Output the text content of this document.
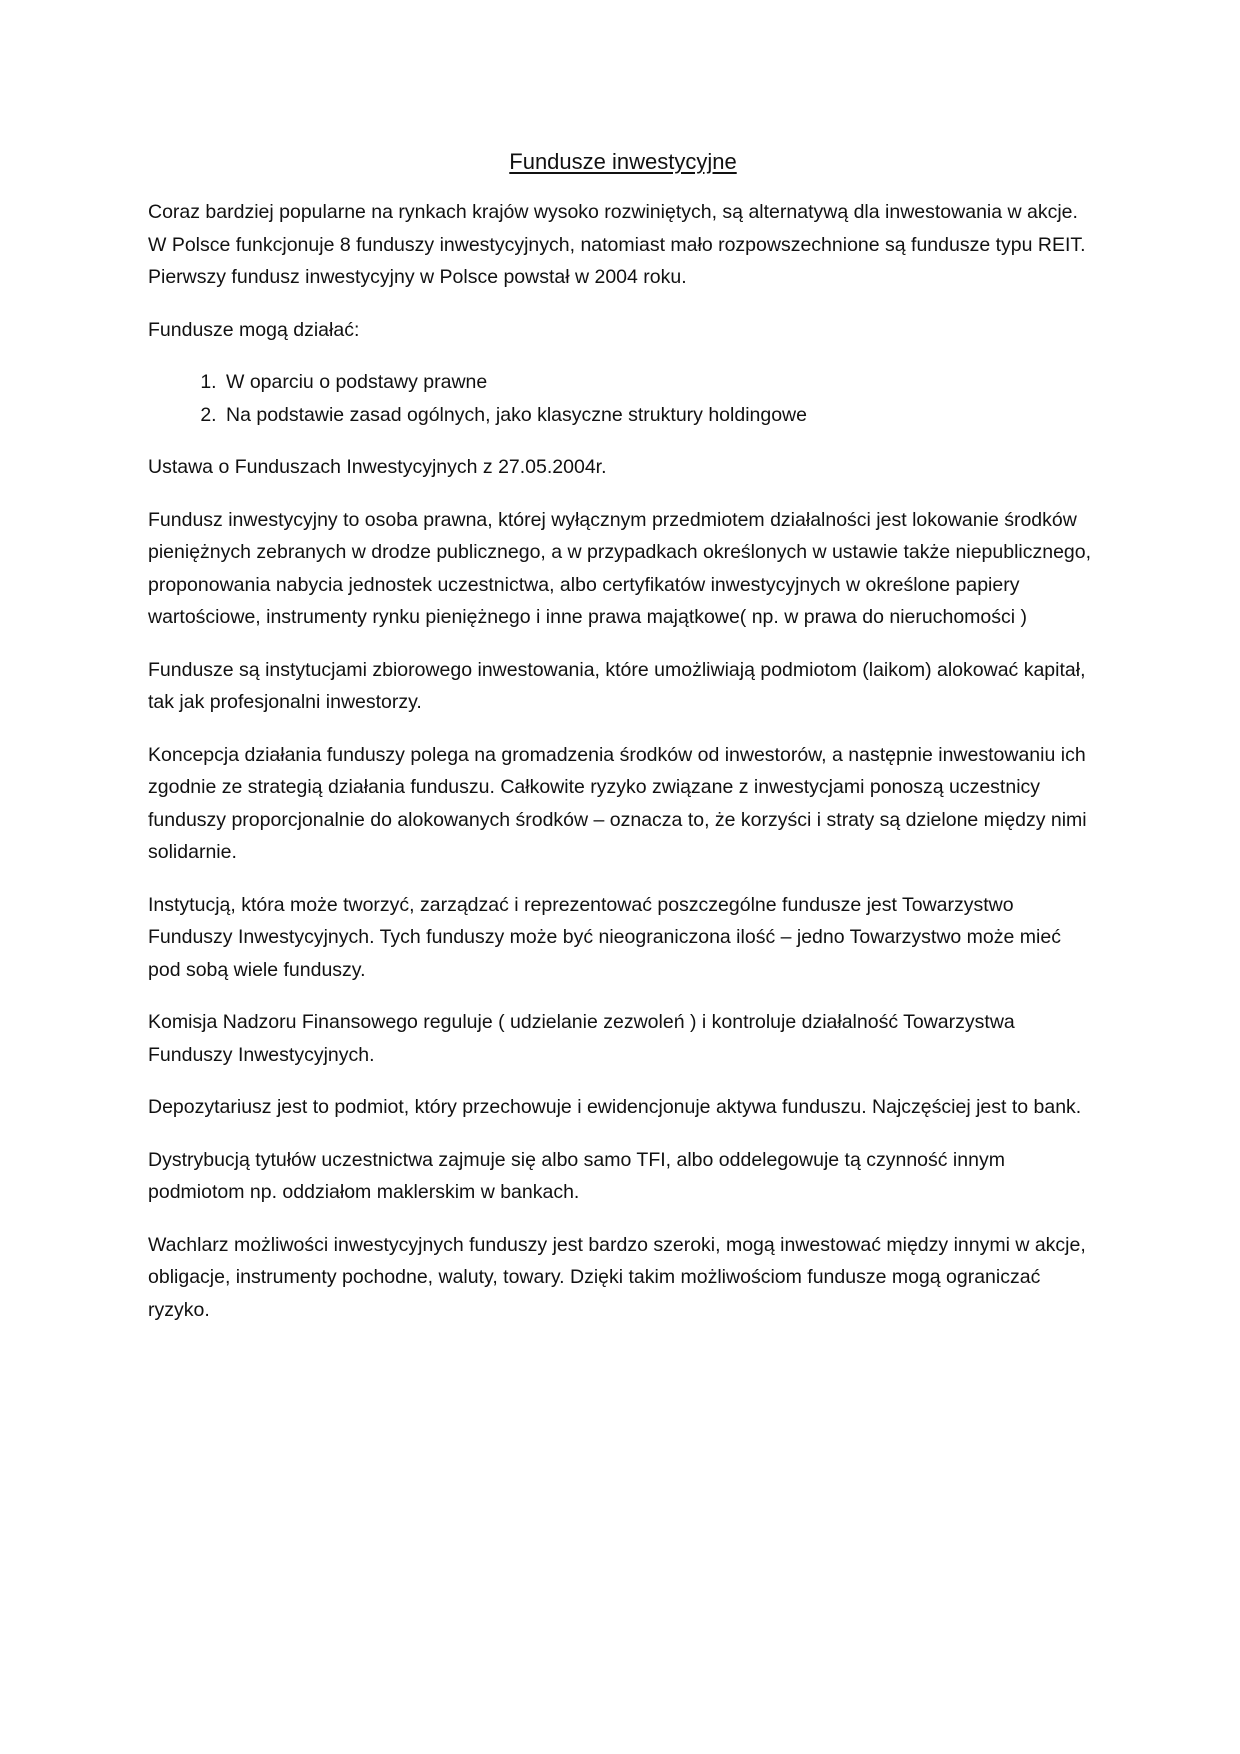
Fundusze inwestycyjne

Coraz bardziej popularne na rynkach krajów wysoko rozwiniętych, są alternatywą dla inwestowania w akcje. W Polsce funkcjonuje 8 funduszy inwestycyjnych, natomiast mało rozpowszechnione są fundusze typu REIT. Pierwszy fundusz inwestycyjny w Polsce powstał w 2004 roku.

Fundusze mogą działać:

1. W oparciu o podstawy prawne
2. Na podstawie zasad ogólnych, jako klasyczne struktury holdingowe

Ustawa o Funduszach Inwestycyjnych z 27.05.2004r.

Fundusz inwestycyjny to osoba prawna, której wyłącznym przedmiotem działalności jest lokowanie środków pieniężnych zebranych w drodze publicznego, a w przypadkach określonych w ustawie także niepublicznego, proponowania nabycia jednostek uczestnictwa, albo certyfikatów inwestycyjnych w określone papiery wartościowe, instrumenty rynku pieniężnego i inne prawa majątkowe( np. w prawa do nieruchomości )

Fundusze są instytucjami zbiorowego inwestowania, które umożliwiają podmiotom (laikom) alokować kapitał, tak jak profesjonalni inwestorzy.

Koncepcja działania funduszy polega na gromadzenia środków od inwestorów, a następnie inwestowaniu ich zgodnie ze strategią działania funduszu. Całkowite ryzyko związane z inwestycjami ponoszą uczestnicy funduszy proporcjonalnie do alokowanych środków – oznacza to, że korzyści i straty są dzielone między nimi solidarnie.

Instytucją, która może tworzyć, zarządzać i reprezentować poszczególne fundusze jest Towarzystwo Funduszy Inwestycyjnych. Tych funduszy może być nieograniczona ilość – jedno Towarzystwo może mieć pod sobą wiele funduszy.

Komisja Nadzoru Finansowego reguluje ( udzielanie zezwoleń ) i kontroluje działalność Towarzystwa Funduszy Inwestycyjnych.

Depozytariusz jest to podmiot, który przechowuje i ewidencjonuje aktywa funduszu. Najczęściej jest to bank.

Dystrybucją tytułów uczestnictwa zajmuje się albo samo TFI, albo oddelegowuje tą czynność innym podmiotom np. oddziałom maklerskim w bankach.

Wachlarz możliwości inwestycyjnych funduszy jest bardzo szeroki, mogą inwestować między innymi w akcje, obligacje, instrumenty pochodne, waluty, towary. Dzięki takim możliwościom fundusze mogą ograniczać ryzyko.
